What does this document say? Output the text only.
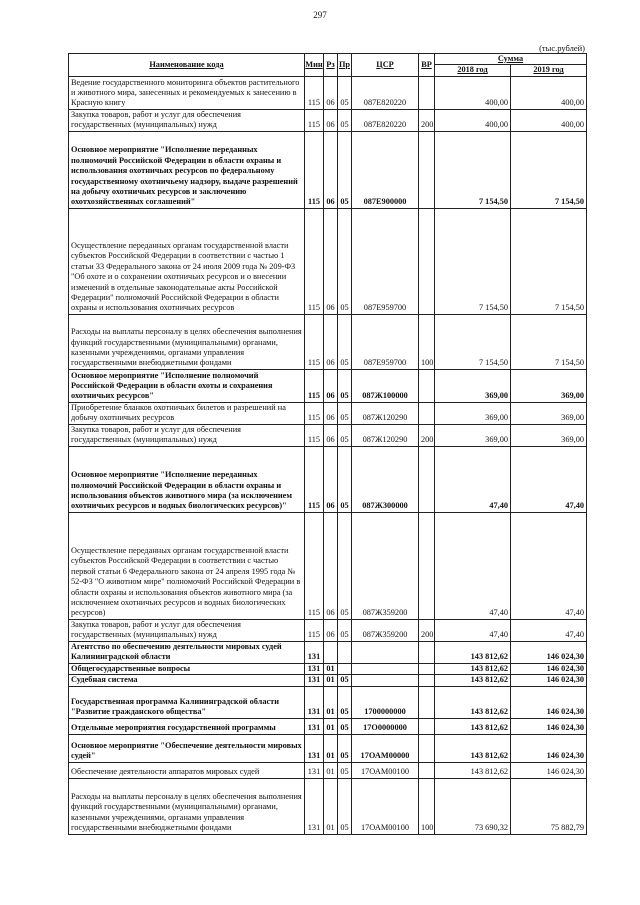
297
(тыс.рублей)
Наименование кода	Мин	Рз	Пр	ЦСР	ВР	Сумма	
						2018 год	2019 год
Ведение государственного мониторинга объектов растительного и животного мира, занесенных и рекомендуемых к занесению в Красную книгу	115	06	05	087Е820220		400,00	400,00
Закупка товаров, работ и услуг для обеспечения государственных (муниципальных) нужд	115	06	05	087Е820220	200	400,00	400,00
Основное мероприятие "Исполнение переданных полномочий Российской Федерации в области охраны и использования охотничьих ресурсов по федеральному государственному охотничьему надзору, выдаче разрешений на добычу охотничьих ресурсов и заключению охотхозяйственных соглашений"	115	06	05	087Е900000		7 154,50	7 154,50
Осуществление переданных органам государственной власти субъектов Российской Федерации в соответствии с частью 1 статьи 33 Федерального закона от 24 июля 2009 года № 209-ФЗ "Об охоте и о сохранении охотничьих ресурсов и о внесении изменений в отдельные законодательные акты Российской Федерации" полномочий Российской Федерации в области охраны и использования охотничьих ресурсов	115	06	05	087Е959700		7 154,50	7 154,50
Расходы на выплаты персоналу в целях обеспечения выполнения функций государственными (муниципальными) органами, казенными учреждениями, органами управления государственными внебюджетными фондами	115	06	05	087Е959700	100	7 154,50	7 154,50
Основное мероприятие "Исполнение полномочий Российской Федерации в области охоты и сохранения охотничьих ресурсов"	115	06	05	087Ж100000		369,00	369,00
Приобретение бланков охотничьих билетов и разрешений на добычу охотничьих ресурсов	115	06	05	087Ж120290		369,00	369,00
Закупка товаров, работ и услуг для обеспечения государственных (муниципальных) нужд	115	06	05	087Ж120290	200	369,00	369,00
Основное мероприятие "Исполнение переданных полномочий Российской Федерации в области охраны и использования объектов животного мира (за исключением охотничьих ресурсов и водных биологических ресурсов)"	115	06	05	087Ж300000		47,40	47,40
Осуществление переданных органам государственной власти субъектов Российской Федерации в соответствии с частью первой статьи 6 Федерального закона от 24 апреля 1995 года № 52-ФЗ "О животном мире" полномочий Российской Федерации в области охраны и использования объектов животного мира (за исключением охотничьих ресурсов и водных биологических ресурсов)	115	06	05	087Ж359200		47,40	47,40
Закупка товаров, работ и услуг для обеспечения государственных (муниципальных) нужд	115	06	05	087Ж359200	200	47,40	47,40
Агентство по обеспечению деятельности мировых судей Калининградской области	131					143 812,62	146 024,30
Общегосударственные вопросы	131	01				143 812,62	146 024,30
Судебная система	131	01	05			143 812,62	146 024,30
Государственная программа Калининградской области "Развитие гражданского общества"	131	01	05	1700000000		143 812,62	146 024,30
Отдельные мероприятия государственной программы	131	01	05	17О0000000		143 812,62	146 024,30
Основное мероприятие "Обеспечение деятельности мировых судей"	131	01	05	17ОАМ00000		143 812,62	146 024,30
Обеспечение деятельности аппаратов мировых судей	131	01	05	17ОАМ00100		143 812,62	146 024,30
Расходы на выплаты персоналу в целях обеспечения выполнения функций государственными (муниципальными) органами, казенными учреждениями, органами управления государственными внебюджетными фондами	131	01	05	17ОАМ00100	100	73 690,32	75 882,79
